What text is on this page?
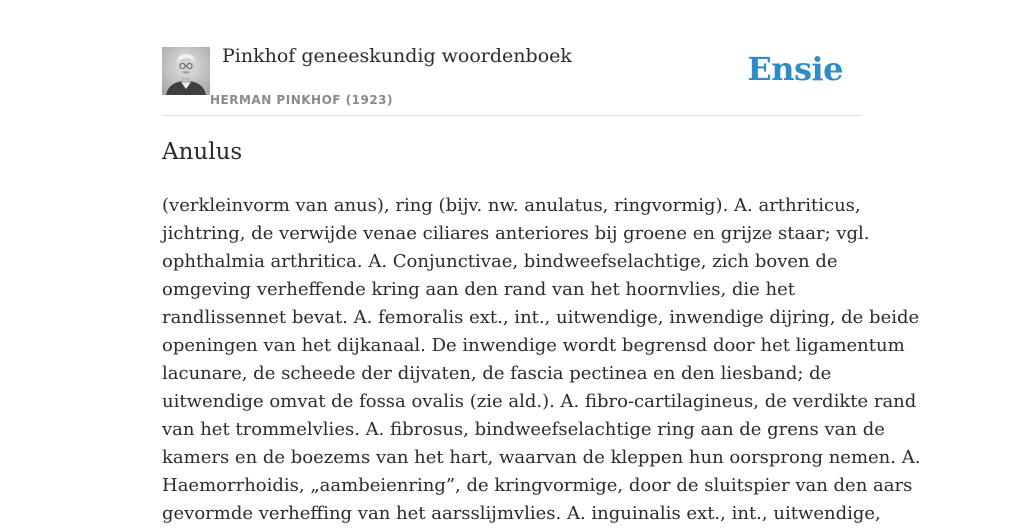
Pinkhof geneeskundig woordenboek
HERMAN PINKHOF (1923)
Ensie
Anulus

(verkleinvorm van anus), ring (bijv. nw. anulatus, ringvormig). A. arthriticus,
jichtring, de verwijde venae ciliares anteriores bij groene en grijze staar; vgl.
ophthalmia arthritica. A. Conjunctivae, bindweefselachtige, zich boven de
omgeving verheffende kring aan den rand van het hoornvlies, die het
randlissennet bevat. A. femoralis ext., int., uitwendige, inwendige dijring, de beide
openingen van het dijkanaal. De inwendige wordt begrensd door het ligamentum
lacunare, de scheede der dijvaten, de fascia pectinea en den liesband; de
uitwendige omvat de fossa ovalis (zie ald.). A. fibro-cartilagineus, de verdikte rand
van het trommelvlies. A. fibrosus, bindweefselachtige ring aan de grens van de
kamers en de boezems van het hart, waarvan de kleppen hun oorsprong nemen. A.
Haemorrhoidis, „aambeienring”, de kringvormige, door de sluitspier van den aars
gevormde verheffing van het aarsslijmvlies. A. inguinalis ext., int., uitwendige,
